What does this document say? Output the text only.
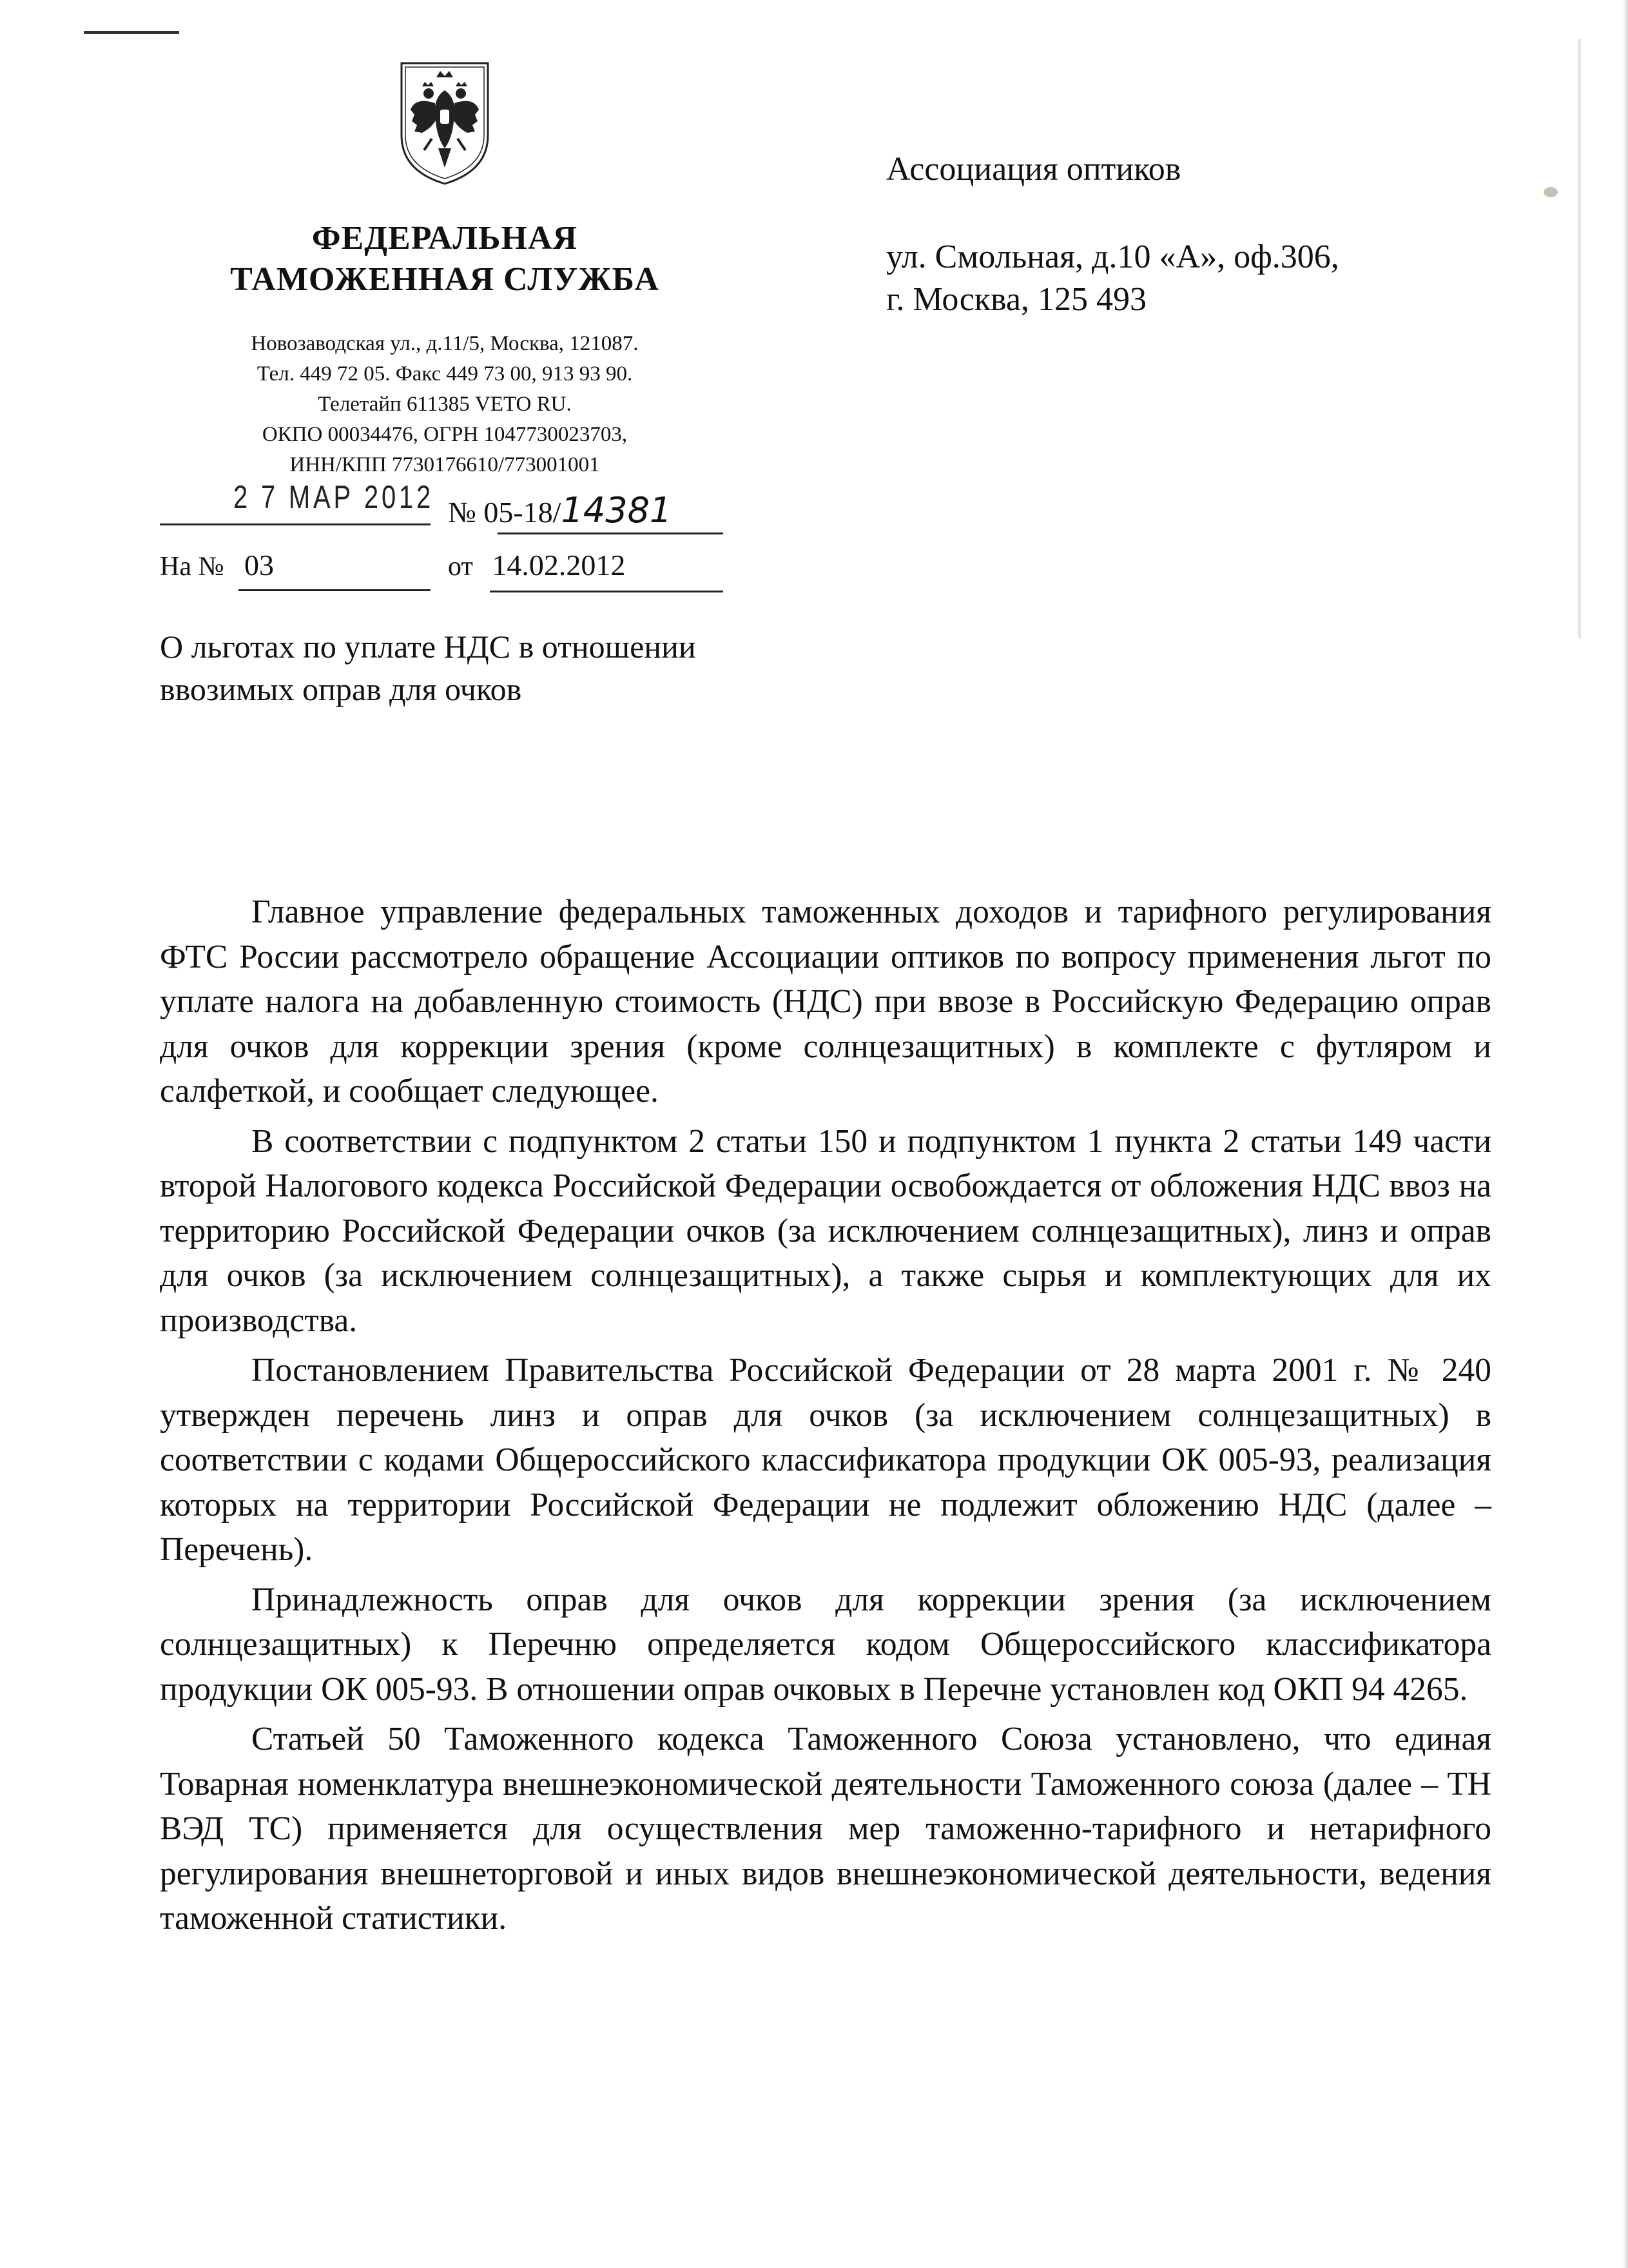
ФЕДЕРАЛЬНАЯ
ТАМОЖЕННАЯ СЛУЖБА
Новозаводская ул., д.11/5, Москва, 121087.
Тел. 449 72 05. Факс 449 73 00, 913 93 90.
Телетайп 611385 VETO RU.
ОКПО 00034476, ОГРН 1047730023703,
ИНН/КПП 7730176610/773001001
2 7 МАР 2012 № 05-18/14381
На № 03	от 14.02.2012
Ассоциация оптиков
ул. Смольная, д.10 «А», оф.306,
г. Москва, 125 493
О льготах по уплате НДС в отношении ввозимых оправ для очков

Главное управление федеральных таможенных доходов и тарифного регулирования ФТС России рассмотрело обращение Ассоциации оптиков по вопросу применения льгот по уплате налога на добавленную стоимость (НДС) при ввозе в Российскую Федерацию оправ для очков для коррекции зрения (кроме солнцезащитных) в комплекте с футляром и салфеткой, и сообщает следующее.

В соответствии с подпунктом 2 статьи 150 и подпунктом 1 пункта 2 статьи 149 части второй Налогового кодекса Российской Федерации освобождается от обложения НДС ввоз на территорию Российской Федерации очков (за исключением солнцезащитных), линз и оправ для очков (за исключением солнцезащитных), а также сырья и комплектующих для их производства.

Постановлением Правительства Российской Федерации от 28 марта 2001 г. № 240 утвержден перечень линз и оправ для очков (за исключением солнцезащитных) в соответствии с кодами Общероссийского классификатора продукции ОК 005-93, реализация которых на территории Российской Федерации не подлежит обложению НДС (далее – Перечень).

Принадлежность оправ для очков для коррекции зрения (за исключением солнцезащитных) к Перечню определяется кодом Общероссийского классификатора продукции ОК 005-93. В отношении оправ очковых в Перечне установлен код ОКП 94 4265.

Статьей 50 Таможенного кодекса Таможенного Союза установлено, что единая Товарная номенклатура внешнеэкономической деятельности Таможенного союза (далее – ТН ВЭД ТС) применяется для осуществления мер таможенно-тарифного и нетарифного регулирования внешнеторговой и иных видов внешнеэкономической деятельности, ведения таможенной статистики.
